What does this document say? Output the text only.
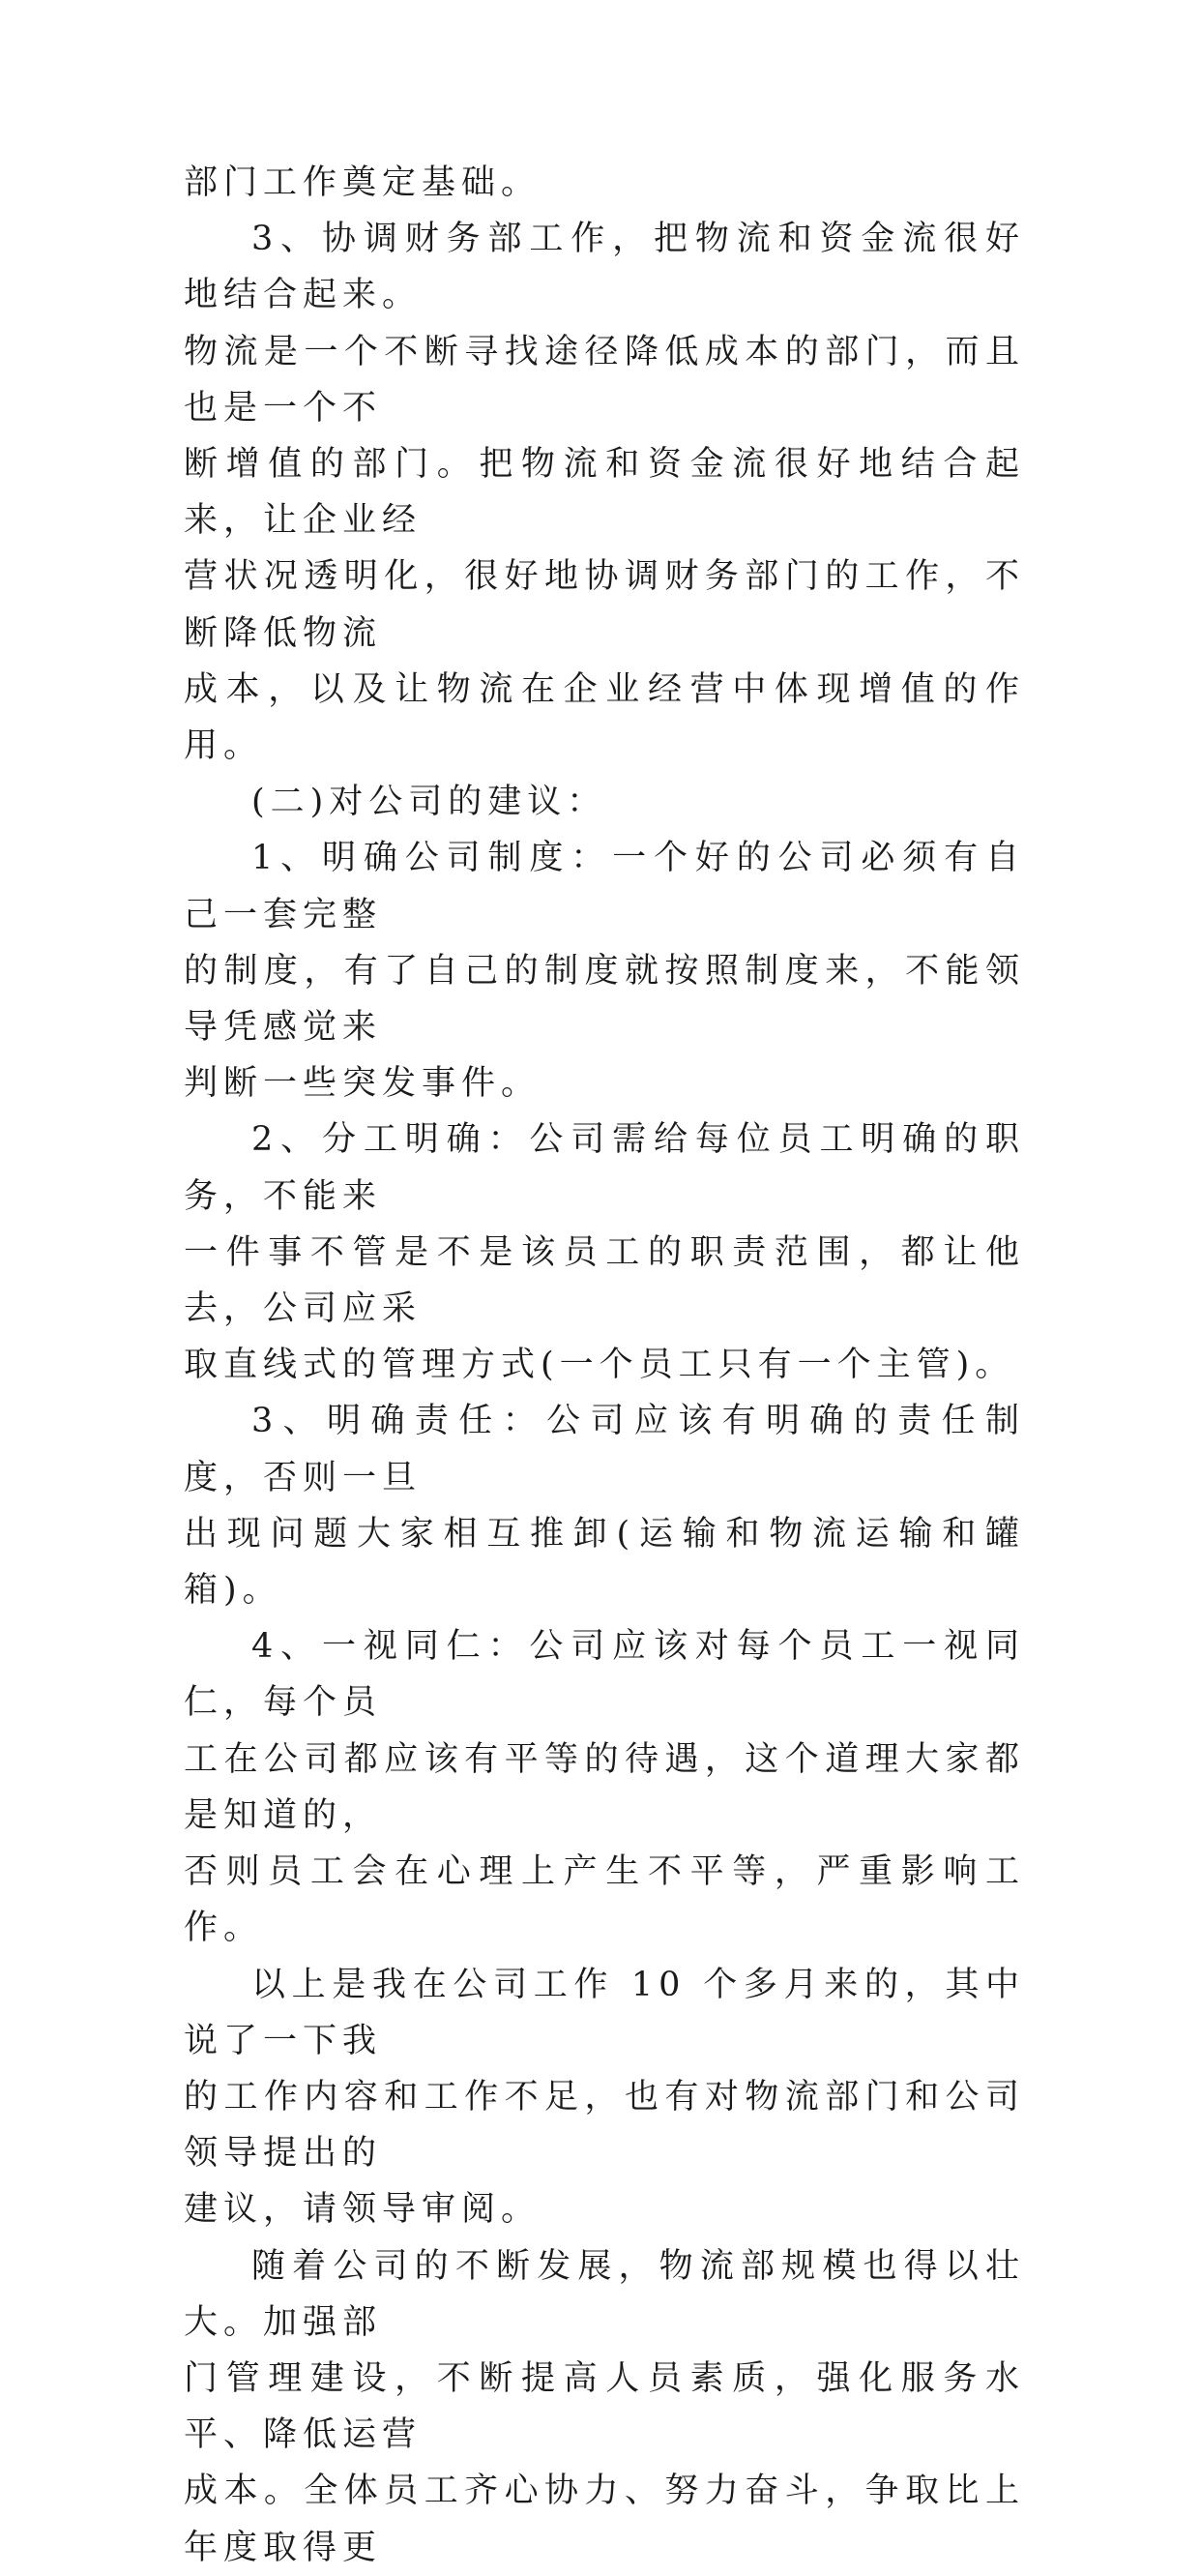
部门工作奠定基础。

3、协调财务部工作，把物流和资金流很好地结合起来。
物流是一个不断寻找途径降低成本的部门，而且也是一个不
断增值的部门。把物流和资金流很好地结合起来，让企业经
营状况透明化，很好地协调财务部门的工作，不断降低物流
成本，以及让物流在企业经营中体现增值的作用。

(二)对公司的建议：

1、明确公司制度：一个好的公司必须有自己一套完整
的制度，有了自己的制度就按照制度来，不能领导凭感觉来
判断一些突发事件。

2、分工明确：公司需给每位员工明确的职务，不能来
一件事不管是不是该员工的职责范围，都让他去，公司应采
取直线式的管理方式(一个员工只有一个主管)。

3、明确责任：公司应该有明确的责任制度，否则一旦
出现问题大家相互推卸(运输和物流运输和罐箱)。

4、一视同仁：公司应该对每个员工一视同仁，每个员
工在公司都应该有平等的待遇，这个道理大家都是知道的，
否则员工会在心理上产生不平等，严重影响工作。

以上是我在公司工作 10 个多月来的，其中说了一下我
的工作内容和工作不足，也有对物流部门和公司领导提出的
建议，请领导审阅。

随着公司的不断发展，物流部规模也得以壮大。加强部
门管理建设，不断提高人员素质，强化服务水平、降低运营
成本。全体员工齐心协力、努力奋斗，争取比上年度取得更
